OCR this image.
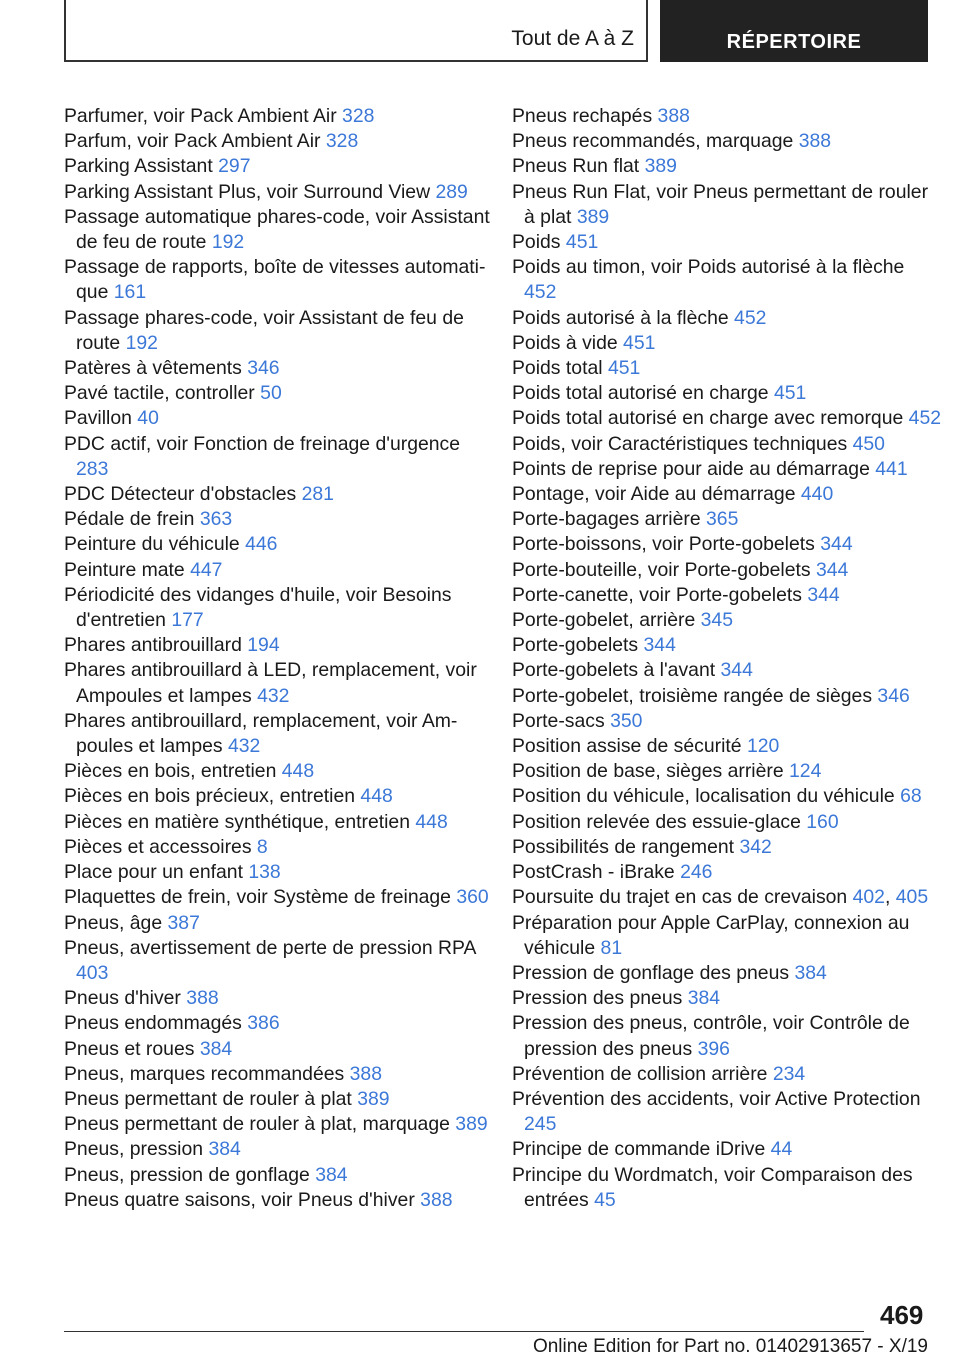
Tout de A à Z	RÉPERTOIRE
Parfumer, voir Pack Ambient Air 328
Parfum, voir Pack Ambient Air 328
Parking Assistant 297
Parking Assistant Plus, voir Surround View 289
Passage automatique phares-code, voir Assistant de feu de route 192
Passage de rapports, boîte de vitesses automatique 161
Passage phares-code, voir Assistant de feu de route 192
Patères à vêtements 346
Pavé tactile, controller 50
Pavillon 40
PDC actif, voir Fonction de freinage d'urgence 283
PDC Détecteur d'obstacles 281
Pédale de frein 363
Peinture du véhicule 446
Peinture mate 447
Périodicité des vidanges d'huile, voir Besoins d'entretien 177
Phares antibrouillard 194
Phares antibrouillard à LED, remplacement, voir Ampoules et lampes 432
Phares antibrouillard, remplacement, voir Ampoules et lampes 432
Pièces en bois, entretien 448
Pièces en bois précieux, entretien 448
Pièces en matière synthétique, entretien 448
Pièces et accessoires 8
Place pour un enfant 138
Plaquettes de frein, voir Système de freinage 360
Pneus, âge 387
Pneus, avertissement de perte de pression RPA 403
Pneus d'hiver 388
Pneus endommagés 386
Pneus et roues 384
Pneus, marques recommandées 388
Pneus permettant de rouler à plat 389
Pneus permettant de rouler à plat, marquage 389
Pneus, pression 384
Pneus, pression de gonflage 384
Pneus quatre saisons, voir Pneus d'hiver 388
Pneus rechapés 388
Pneus recommandés, marquage 388
Pneus Run flat 389
Pneus Run Flat, voir Pneus permettant de rouler à plat 389
Poids 451
Poids au timon, voir Poids autorisé à la flèche 452
Poids autorisé à la flèche 452
Poids à vide 451
Poids total 451
Poids total autorisé en charge 451
Poids total autorisé en charge avec remorque 452
Poids, voir Caractéristiques techniques 450
Points de reprise pour aide au démarrage 441
Pontage, voir Aide au démarrage 440
Porte-bagages arrière 365
Porte-boissons, voir Porte-gobelets 344
Porte-bouteille, voir Porte-gobelets 344
Porte-canette, voir Porte-gobelets 344
Porte-gobelet, arrière 345
Porte-gobelets 344
Porte-gobelets à l'avant 344
Porte-gobelet, troisième rangée de sièges 346
Porte-sacs 350
Position assise de sécurité 120
Position de base, sièges arrière 124
Position du véhicule, localisation du véhicule 68
Position relevée des essuie-glace 160
Possibilités de rangement 342
PostCrash - iBrake 246
Poursuite du trajet en cas de crevaison 402, 405
Préparation pour Apple CarPlay, connexion au véhicule 81
Pression de gonflage des pneus 384
Pression des pneus 384
Pression des pneus, contrôle, voir Contrôle de pression des pneus 396
Prévention de collision arrière 234
Prévention des accidents, voir Active Protection 245
Principe de commande iDrive 44
Principe du Wordmatch, voir Comparaison des entrées 45
469
Online Edition for Part no. 01402913657 - X/19
